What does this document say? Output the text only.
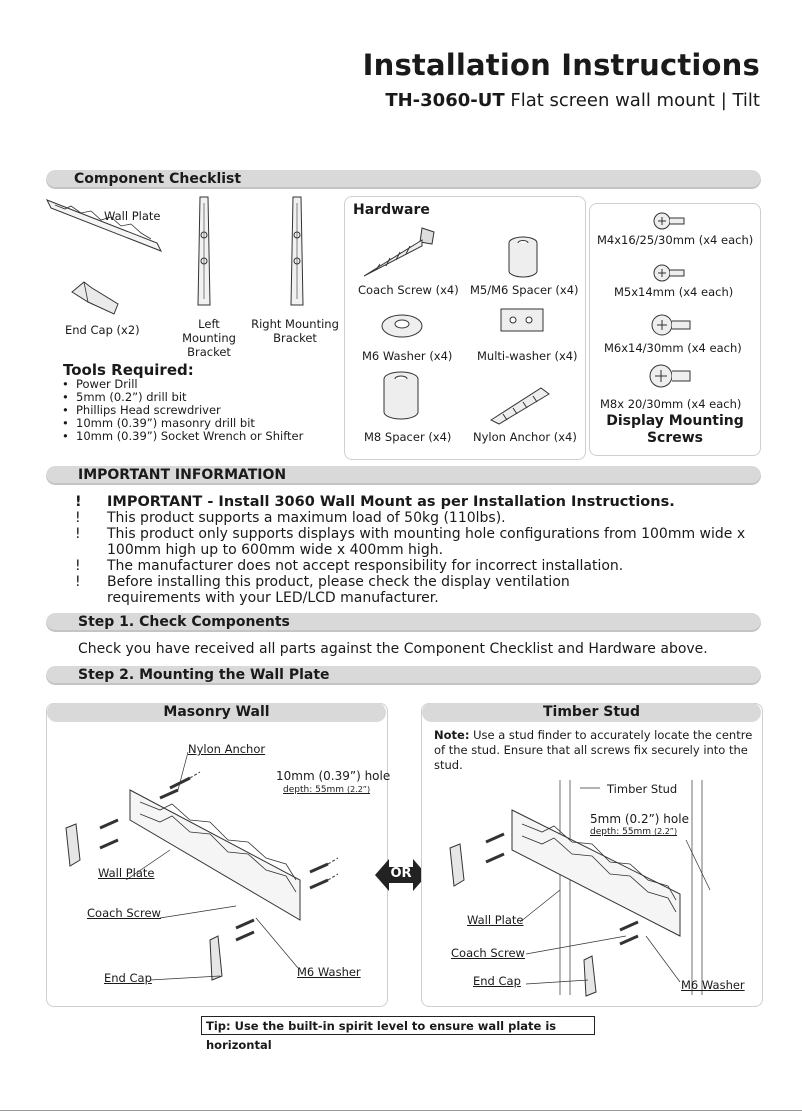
Installation Instructions
TH-3060-UT Flat screen wall mount | Tilt
Component Checklist
Wall Plate
End Cap (x2)	Left Mounting Bracket
Right Mounting Bracket
Tools Required:
• Power Drill
• 5mm (0.2”) drill bit
• Phillips Head screwdriver
• 10mm (0.39”) masonry drill bit
• 10mm (0.39”) Socket Wrench or Shifter
Hardware
Coach Screw (x4) M5/M6 Spacer (x4)
M6 Washer (x4) Multi-washer (x4)
M8 Spacer (x4) Nylon Anchor (x4)
M4x16/25/30mm (x4 each)
M5x14mm (x4 each)
M6x14/30mm (x4 each)
M8x 20/30mm (x4 each)
Display Mounting Screws
IMPORTANT INFORMATION
! IMPORTANT - Install 3060 Wall Mount as per Installation Instructions.
! This product supports a maximum load of 50kg (110lbs).
! This product only supports displays with mounting hole configurations from 100mm wide x 100mm high up to 600mm wide x 400mm high.
! The manufacturer does not accept responsibility for incorrect installation.
! Before installing this product, please check the display ventilation requirements with your LED/LCD manufacturer.
Step 1. Check Components
Check you have received all parts against the Component Checklist and Hardware above.
Step 2. Mounting the Wall Plate
Masonry Wall
Nylon Anchor
10mm (0.39”) hole
depth: 55mm (2.2”)
Wall Plate
Coach Screw
End Cap	M6 Washer
OR
Timber Stud
Note: Use a stud finder to accurately locate the centre of the stud. Ensure that all screws fix securely into the stud.
Timber Stud
5mm (0.2”) hole
depth: 55mm (2.2”)
Wall Plate
Coach Screw
End Cap	M6 Washer
Tip: Use the built-in spirit level to ensure wall plate is horizontal
